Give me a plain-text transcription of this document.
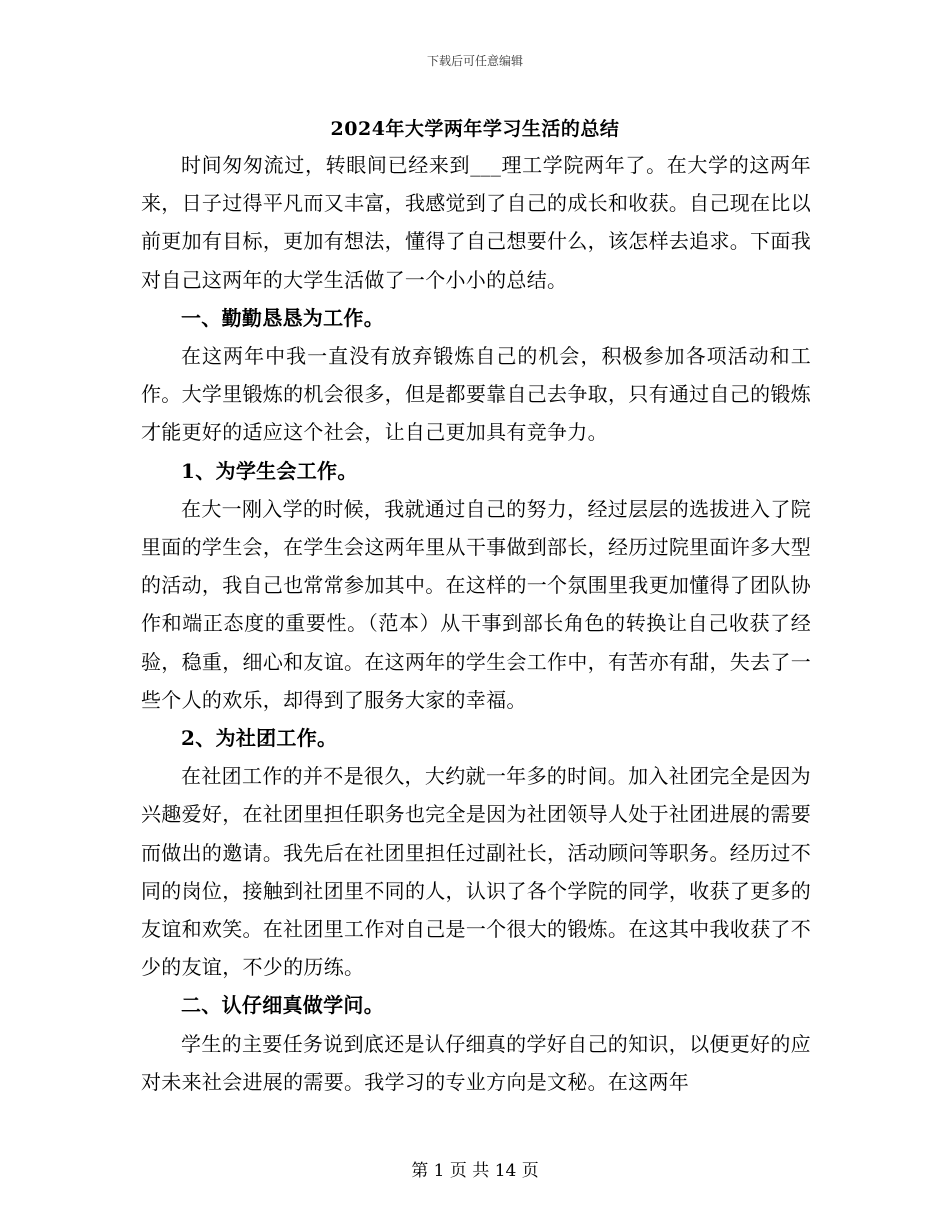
下载后可任意编辑
2024年大学两年学习生活的总结

时间匆匆流过，转眼间已经来到___理工学院两年了。在大学的这两年来，日子过得平凡而又丰富，我感觉到了自己的成长和收获。自己现在比以前更加有目标，更加有想法，懂得了自己想要什么，该怎样去追求。下面我对自己这两年的大学生活做了一个小小的总结。

一、勤勤恳恳为工作。

在这两年中我一直没有放弃锻炼自己的机会，积极参加各项活动和工作。大学里锻炼的机会很多，但是都要靠自己去争取，只有通过自己的锻炼才能更好的适应这个社会，让自己更加具有竞争力。

1、为学生会工作。

在大一刚入学的时候，我就通过自己的努力，经过层层的选拔进入了院里面的学生会，在学生会这两年里从干事做到部长，经历过院里面许多大型的活动，我自己也常常参加其中。在这样的一个氛围里我更加懂得了团队协作和端正态度的重要性。（范本）从干事到部长角色的转换让自己收获了经验，稳重，细心和友谊。在这两年的学生会工作中，有苦亦有甜，失去了一些个人的欢乐，却得到了服务大家的幸福。

2、为社团工作。

在社团工作的并不是很久，大约就一年多的时间。加入社团完全是因为兴趣爱好，在社团里担任职务也完全是因为社团领导人处于社团进展的需要而做出的邀请。我先后在社团里担任过副社长，活动顾问等职务。经历过不同的岗位，接触到社团里不同的人，认识了各个学院的同学，收获了更多的友谊和欢笑。在社团里工作对自己是一个很大的锻炼。在这其中我收获了不少的友谊，不少的历练。

二、认仔细真做学问。

学生的主要任务说到底还是认仔细真的学好自己的知识，以便更好的应对未来社会进展的需要。我学习的专业方向是文秘。在这两年

第 1 页 共 14 页
